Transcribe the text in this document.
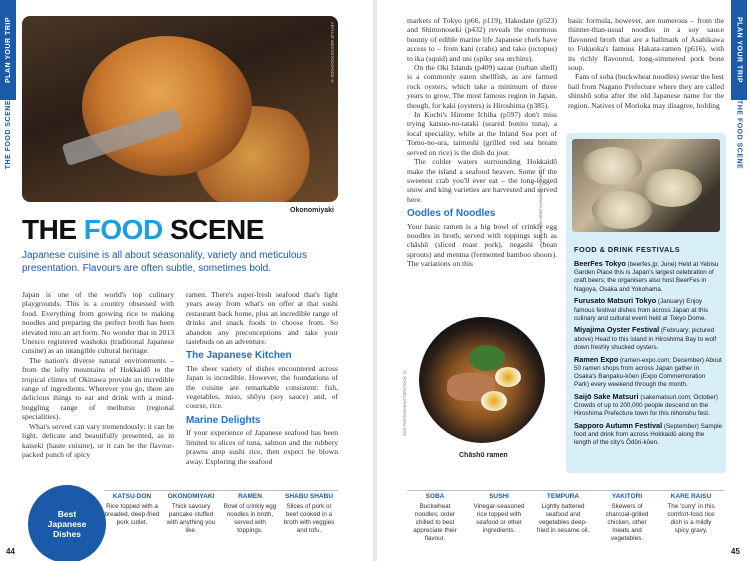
PLAN YOUR TRIP
THE FOOD SCENE
ARTHUR WEST/STOCKFOOD ©
Okonomiyaki
THE FOOD SCENE
Japanese cuisine is all about seasonality, variety and meticulous presentation. Flavours are often subtle, sometimes bold.

Japan is one of the world's top culinary playgrounds. This is a country obsessed with food. Everything from growing rice to making noodles and preparing the perfect broth has been elevated into an art form. No wonder that in 2013 Unesco registered washoku (traditional Japanese cuisine) as an intangible cultural heritage.

The nation's diverse natural environments – from the lofty mountains of Hokkaidō to the tropical climes of Okinawa provide an incredible range of ingredients. Wherever you go, there are delicious things to eat and drink with a mind-boggling range of meibutsu (regional specialities).

What's served can vary tremendously: it can be light, delicate and beautifully presented, as in kaiseki (haute cuisine), or it can be the flavour-packed punch of spicy

ramen. There's super-fresh seafood that's light years away from what's on offer at that sushi restaurant back home, plus an incredible range of drinks and snack foods to choose from. So abandon any preconceptions and take your tastebuds on an adventure.

The Japanese Kitchen

The sheer variety of dishes encountered across Japan is incredible. However, the foundations of the cuisine are remarkable consistent: fish, vegetables, miso, shōyu (soy sauce) and, of course, rice.

Marine Delights

If your experience of Japanese seafood has been limited to slices of tuna, salmon and the rubbery prawns atop sushi rice, then expect be blown away. Exploring the seafood

Best Japanese Dishes
KATSU-DON
Rice topped with a breaded, deep-fried pork cutlet.
OKONOMIYAKI
Thick savoury pancake stuffed with anything you like.
RAMEN
Bowl of crinkly egg noodles in broth, served with toppings.
SHABU SHABU
Slices of pork or beef cooked in a broth with veggies and tofu.
44
PLAN YOUR TRIP
THE FOOD SCENE

markets of Tokyo (p66, p119), Hakodate (p523) and Shimonoseki (p432) reveals the enormous bounty of edible marine life Japanese chefs have access to – from kani (crabs) and tako (octopus) to ika (squid) and uni (spiky sea urchins).

On the Oki Islands (p409) sazae (turban shell) is a commonly eaten shellfish, as are farmed rock oysters, which take a minimum of three years to grow. The most famous region in Japan, though, for kaki (oysters) is Hiroshima (p385).

In Kochi's Hirome Ichiba (p597) don't miss trying katsuo-no-tataki (seared bonito tuna), a local speciality, while at the Inland Sea port of Tomo-no-ura, taimeshi (grilled red sea bream served on rice) is the dish du jour.

The colder waters surrounding Hokkaidō make the island a seafood heaven. Some of the sweetest crab you'll ever eat – the long-legged snow and king varieties are harvested and served here.

Oodles of Noodles

Your basic ramen is a big bowl of crinkly egg noodles in broth, served with toppings such as chāshū (sliced roast pork), negashi (bean sprouts) and menma (fermented bamboo shoots). The variations on this

basic formula, however, are numerous – from the thinner-than-usual noodles in a soy sauce flavoured broth that are a hallmark of Asahikawa to Fukuoka's famous Hakata-ramen (p616), with its richly flavoured, long-simmered pork bone soup.

Fans of soba (buckwheat noodles) swear the best hail from Nagano Prefecture where they are called shinshū soba after the old Japanese name for the region. Natives of Morioka may disagree, holding

MASAHIRO HIRATSUKA/GETTY IMAGES ©
SOS PHOTOS/SHUTTERSTOCK ©
Chāshū ramen
FOOD & DRINK FESTIVALS
BeerFes Tokyo (beerfes.jp; June) Held at Yebisu Garden Place this is Japan's largest celebration of craft beers; the organisers also host BeerFes in Nagoya, Osaka and Yokohama.
Furusato Matsuri Tokyo (January) Enjoy famous festival dishes from across Japan at this culinary and cultural event held at Tokyo Dome.
Miyajima Oyster Festival (February; pictured above) Head to this island in Hiroshima Bay to wolf down freshly shucked oysters.
Ramen Expo (ramen-expo.com; December) About 50 ramen shops from across Japan gather in Osaka's Banpaku-kōen (Expo Commemoration Park) every weekend through the month.
Saijō Sake Matsuri (sakematsuri.com; October) Crowds of up to 200,000 people descend on the Hiroshima Prefecture town for this nihonshu fest.
Sapporo Autumn Festival (September) Sample food and drink from across Hokkaidō along the length of the city's Ōdōri-kōen.
SOBA
Buckwheat noodles; order chilled to best appreciate their flavour.
SUSHI
Vinegar-seasoned rice topped with seafood or other ingredients.
TEMPURA
Lightly battered seafood and vegetables deep-fried in sesame oil.
YAKITORI
Skewers of charcoal-grilled chicken, other meats and vegetables.
KARE RAISU
The 'curry' in this comfort-food rice dish is a mildly spicy gravy.
45
